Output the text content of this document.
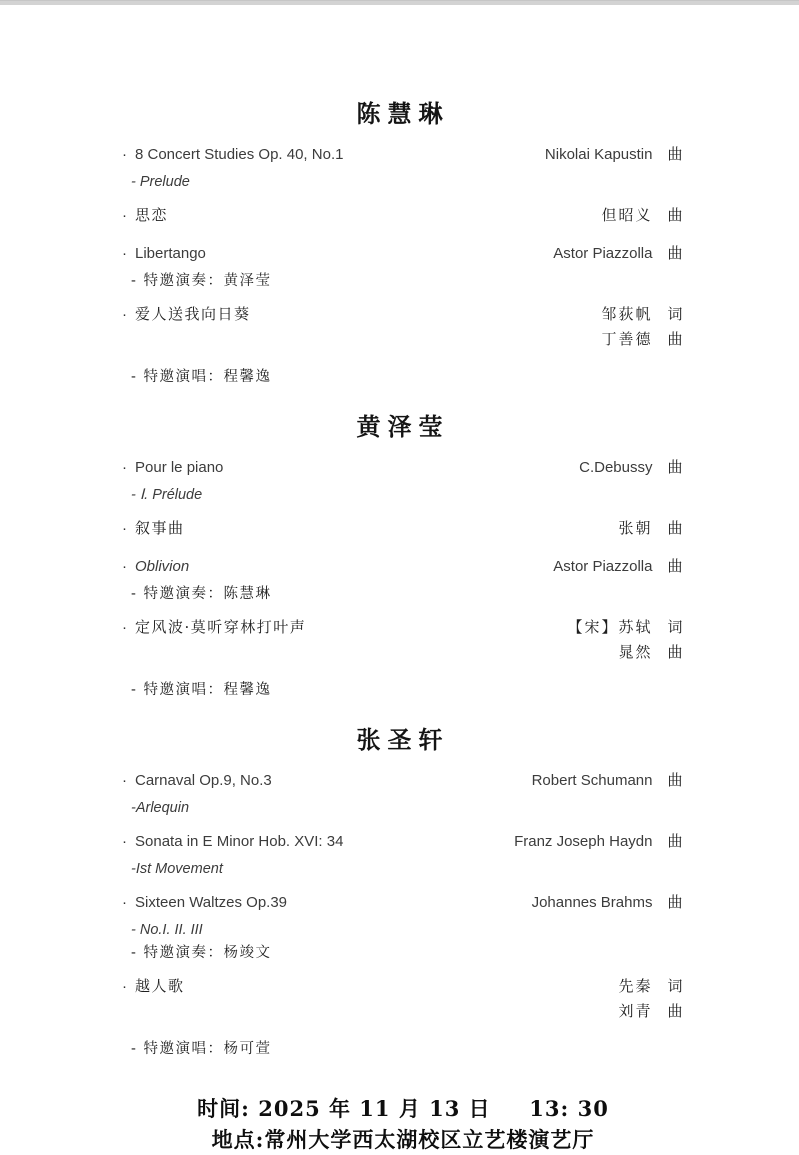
陈慧琳
· 8 Concert Studies Op. 40, No.1	Nikolai Kapustin 曲
- Prelude
· 思恋	但昭义 曲
· Libertango	Astor Piazzolla 曲
- 特邀演奏：黄泽莹
· 爱人送我向日葵	邹荻帆 词
丁善德 曲
- 特邀演唱：程馨逸
黄泽莹
· Pour le piano	C.Debussy 曲
- Ⅰ. Prélude
· 叙事曲	张朝 曲
· Oblivion	Astor Piazzolla 曲
- 特邀演奏：陈慧琳
· 定风波·莫听穿林打叶声	【宋】苏轼 词
晁然 曲
- 特邀演唱：程馨逸
张圣轩
· Carnaval Op.9, No.3	Robert Schumann 曲
-Arlequin
· Sonata in E Minor Hob. XVI: 34	Franz Joseph Haydn 曲
-Ist Movement
· Sixteen Waltzes Op.39	Johannes Brahms 曲
- No.I. II. III
- 特邀演奏：杨竣文
· 越人歌	先秦 词
刘青 曲
- 特邀演唱：杨可萱
时间: 2025 年 11 月 13 日　  13: 30
地点:常州大学西太湖校区立艺楼演艺厅
